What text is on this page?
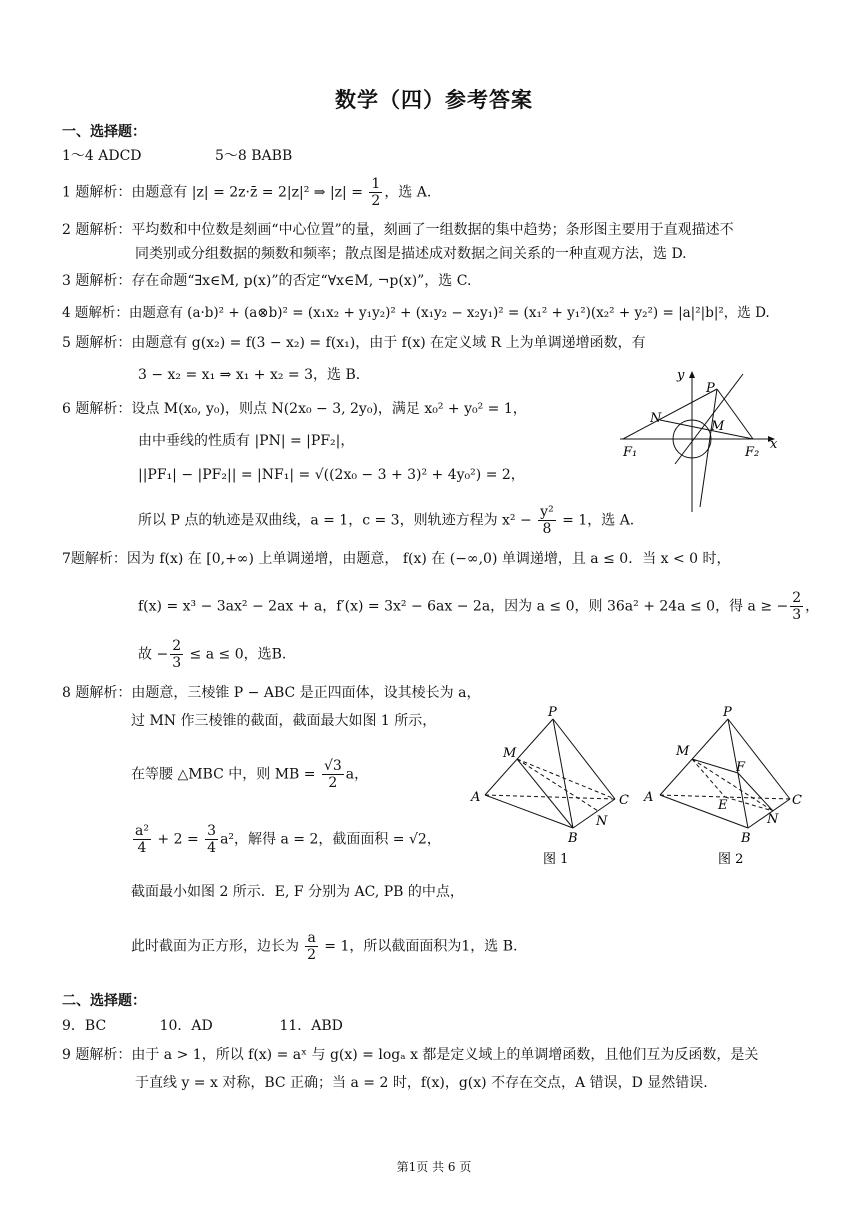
数学（四）参考答案
一、选择题：
1～4 ADCD	5～8 BABB
1 题解析：由题意有 |z| = 2z·z̄ = 2|z|² ⇒ $|z| = \frac{1}{2}$ ，选 A.
2 题解析：平均数和中位数是刻画“中心位置”的量，刻画了一组数据的集中趋势；条形图主要用于直观描述不
同类别或分组数据的频数和频率；散点图是描述成对数据之间关系的一种直观方法，选 D.
3 题解析：存在命题“∃x∈M, p(x)”的否定“∀x∈M, ¬p(x)”，选 C.
4 题解析：由题意有 (a·b)² + (a⊗b)² = (x₁x₂ + y₁y₂)² + (x₁y₂ − x₂y₁)² = (x₁² + y₁²)(x₂² + y₂²) = |a|²|b|²，选 D.
5 题解析：由题意有 g(x₂) = f(3 − x₂) = f(x₁)，由于 f(x) 在定义域 R 上为单调递增函数，有
3 − x₂ = x₁ ⇒ x₁ + x₂ = 3，选 B.
6 题解析：设点 M(x₀, y₀)，则点 N(2x₀ − 3, 2y₀)，满足 x₀² + y₀² = 1，
由中垂线的性质有 |PN| = |PF₂|，
||PF₁| − |PF₂|| = |NF₁| = √((2x₀ − 3 + 3)² + 4y₀²) = 2，
所以 P 点的轨迹是双曲线，a = 1，c = 3，则轨迹方程为 $x^2 - \frac{\text{y²}}{8} = 1$，选 A.
y
x
P
N
M
F₁	F₂
7题解析：因为 f(x) 在 [0,+∞) 上单调递增，由题意， f(x) 在 (−∞,0) 单调递增，且 a ≤ 0．当 x < 0 时，
f(x) = x³ − 3ax² − 2ax + a，f′(x) = 3x² − 6ax − 2a，因为 a ≤ 0，则 36a² + 24a ≤ 0，得 a ≥ − $\frac{2}{3}$ ，
故 − $\frac{2}{3} \le a \le 0$，选B.
8 题解析：由题意，三棱锥 P − ABC 是正四面体，设其棱长为 a，
过 MN 作三棱锥的截面，截面最大如图 1 所示，
在等腰 △MBC 中，则 MB = $\frac{√3}{2}$ a，
$\frac{\text{a²}}{4} + 2 = \frac{3}{4} a^2$，解得 a = 2，截面面积 = √2，
截面最小如图 2 所示．E, F 分别为 AC, PB 的中点，
此时截面为正方形，边长为 $\frac{a}{2} = 1$，所以截面面积为1，选 B.
P
M
A	C
N
B
图 1
P
M
F
A
E	C
N
B
图 2
二、选择题：
9．BC            10．AD               11．ABD
9 题解析：由于 a > 1，所以 f(x) = aˣ 与 g(x) = logₐ x 都是定义域上的单调增函数，且他们互为反函数，是关
于直线 y = x 对称，BC 正确；当 a = 2 时，f(x)，g(x) 不存在交点，A 错误，D 显然错误.
第1页 共 6 页
